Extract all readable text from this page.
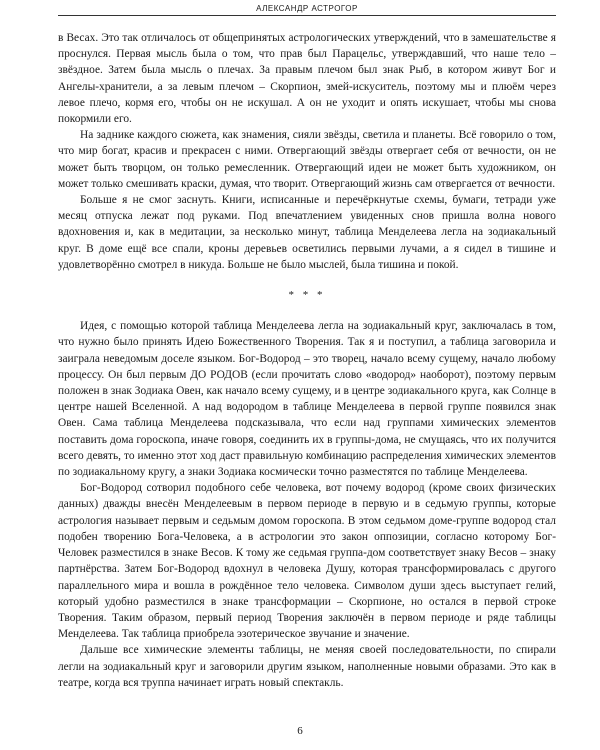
АЛЕКСАНДР АСТРОГОР

в Весах. Это так отличалось от общепринятых астрологических утверждений, что в замешательстве я проснулся. Первая мысль была о том, что прав был Парацельс, утверждавший, что наше тело – звёздное. Затем была мысль о плечах. За правым плечом был знак Рыб, в котором живут Бог и Ангелы-хранители, а за левым плечом – Скорпион, змей-искуситель, поэтому мы и плюём через левое плечо, кормя его, чтобы он не искушал. А он не уходит и опять искушает, чтобы мы снова покормили его.

На заднике каждого сюжета, как знамения, сияли звёзды, светила и планеты. Всё говорило о том, что мир богат, красив и прекрасен с ними. Отвергающий звёзды отвергает себя от вечности, он не может быть творцом, он только ремесленник. Отвергающий идеи не может быть художником, он может только смешивать краски, думая, что творит. Отвергающий жизнь сам отвергается от вечности.

Больше я не смог заснуть. Книги, исписанные и перечёркнутые схемы, бумаги, тетради уже месяц отпуска лежат под руками. Под впечатлением увиденных снов пришла волна нового вдохновения и, как в медитации, за несколько минут, таблица Менделеева легла на зодиакальный круг. В доме ещё все спали, кроны деревьев осветились первыми лучами, а я сидел в тишине и удовлетворённо смотрел в никуда. Больше не было мыслей, была тишина и покой.

* * *

Идея, с помощью которой таблица Менделеева легла на зодиакальный круг, заключалась в том, что нужно было принять Идею Божественного Творения. Так я и поступил, а таблица заговорила и заиграла неведомым доселе языком. Бог-Водород – это творец, начало всему сущему, начало любому процессу. Он был первым ДО РОДОВ (если прочитать слово «водород» наоборот), поэтому первым положен в знак Зодиака Овен, как начало всему сущему, и в центре зодиакального круга, как Солнце в центре нашей Вселенной. А над водородом в таблице Менделеева в первой группе появился знак Овен. Сама таблица Менделеева подсказывала, что если над группами химических элементов поставить дома гороскопа, иначе говоря, соединить их в группы-дома, не смущаясь, что их получится всего девять, то именно этот ход даст правильную комбинацию распределения химических элементов по зодиакальному кругу, а знаки Зодиака космически точно разместятся по таблице Менделеева.

Бог-Водород сотворил подобного себе человека, вот почему водород (кроме своих физических данных) дважды внесён Менделеевым в первом периоде в первую и в седьмую группы, которые астрология называет первым и седьмым домом гороскопа. В этом седьмом доме-группе водород стал подобен творению Бога-Человека, а в астрологии это закон оппозиции, согласно которому Бог-Человек разместился в знаке Весов. К тому же седьмая группа-дом соответствует знаку Весов – знаку партнёрства. Затем Бог-Водород вдохнул в человека Душу, которая трансформировалась с другого параллельного мира и вошла в рождённое тело человека. Символом души здесь выступает гелий, который удобно разместился в знаке трансформации – Скорпионе, но остался в первой строке Творения. Таким образом, первый период Творения заключён в первом периоде и ряде таблицы Менделеева. Так таблица приобрела эзотерическое звучание и значение.

Дальше все химические элементы таблицы, не меняя своей последовательности, по спирали легли на зодиакальный круг и заговорили другим языком, наполненные новыми образами. Это как в театре, когда вся труппа начинает играть новый спектакль.

6
